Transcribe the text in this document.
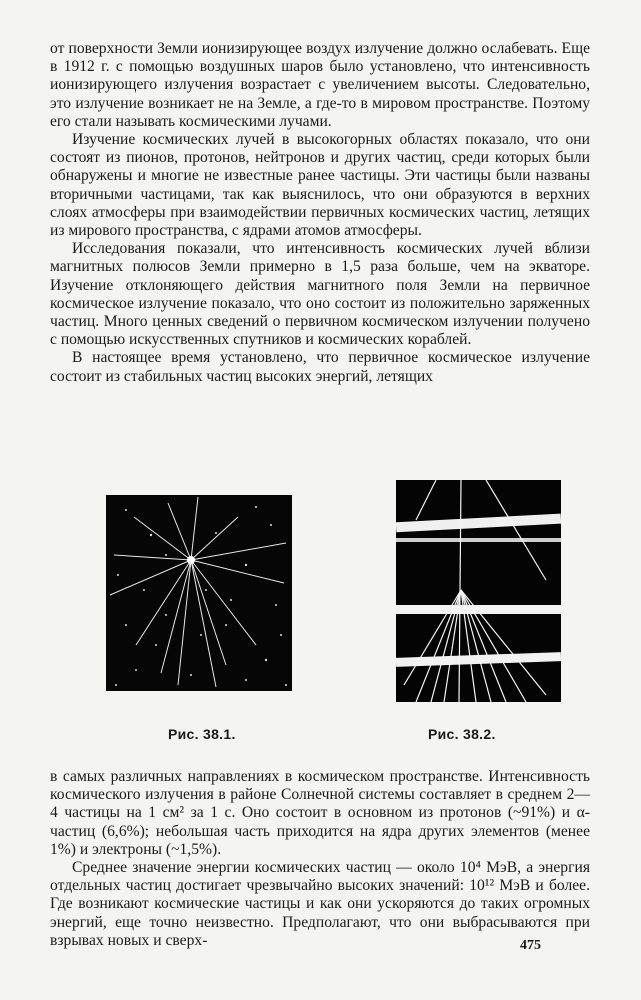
от поверхности Земли ионизирующее воздух излучение должно ослабевать. Еще в 1912 г. с помощью воздушных шаров было установлено, что интенсивность ионизирующего излучения возрастает с увеличением высоты. Следовательно, это излучение возникает не на Земле, а где-то в мировом пространстве. Поэтому его стали называть космическими лучами.

Изучение космических лучей в высокогорных областях показало, что они состоят из пионов, протонов, нейтронов и других частиц, среди которых были обнаружены и многие не известные ранее частицы. Эти частицы были названы вторичными частицами, так как выяснилось, что они образуются в верхних слоях атмосферы при взаимодействии первичных космических частиц, летящих из мирового пространства, с ядрами атомов атмосферы.

Исследования показали, что интенсивность космических лучей вблизи магнитных полюсов Земли примерно в 1,5 раза больше, чем на экваторе. Изучение отклоняющего действия магнитного поля Земли на первичное космическое излучение показало, что оно состоит из положительно заряженных частиц. Много ценных сведений о первичном космическом излучении получено с помощью искусственных спутников и космических кораблей.

В настоящее время установлено, что первичное космическое излучение состоит из стабильных частиц высоких энергий, летящих

Рис. 38.1.	Рис. 38.2.

в самых различных направлениях в космическом пространстве. Интенсивность космического излучения в районе Солнечной системы составляет в среднем 2—4 частицы на 1 см² за 1 с. Оно состоит в основном из протонов (~91%) и α-частиц (6,6%); небольшая часть приходится на ядра других элементов (менее 1%) и электроны (~1,5%).

Среднее значение энергии космических частиц — около 10⁴ МэВ, а энергия отдельных частиц достигает чрезвычайно высоких значений: 10¹² МэВ и более. Где возникают космические частицы и как они ускоряются до таких огромных энергий, еще точно неизвестно. Предполагают, что они выбрасываются при взрывах новых и сверх-	475
